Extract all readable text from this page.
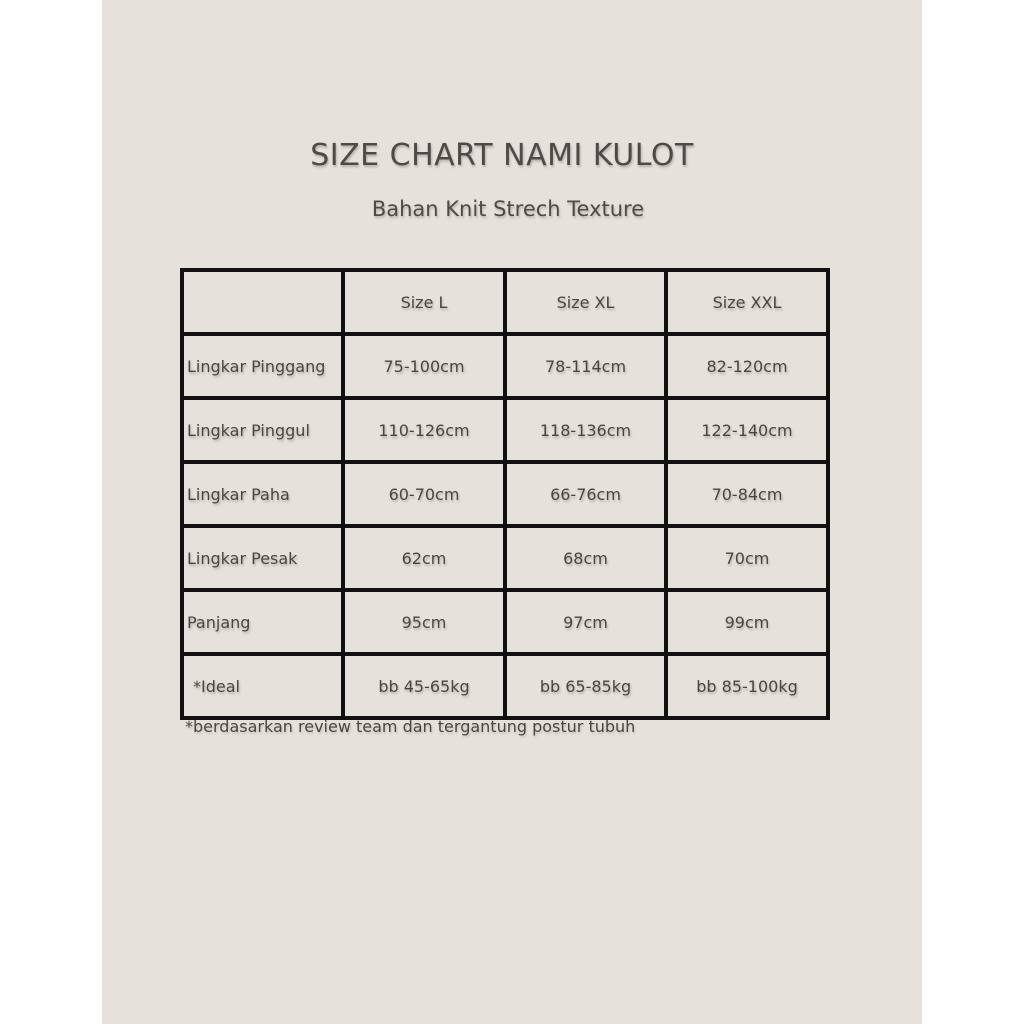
SIZE CHART NAMI KULOT
Bahan Knit Strech Texture
	Size L	Size XL	Size XXL
Lingkar Pinggang	75-100cm	78-114cm	82-120cm
Lingkar Pinggul	110-126cm	118-136cm	122-140cm
Lingkar Paha	60-70cm	66-76cm	70-84cm
Lingkar Pesak	62cm	68cm	70cm
Panjang	95cm	97cm	99cm
*Ideal	bb 45-65kg	bb 65-85kg	bb 85-100kg
*berdasarkan review team dan tergantung postur tubuh
